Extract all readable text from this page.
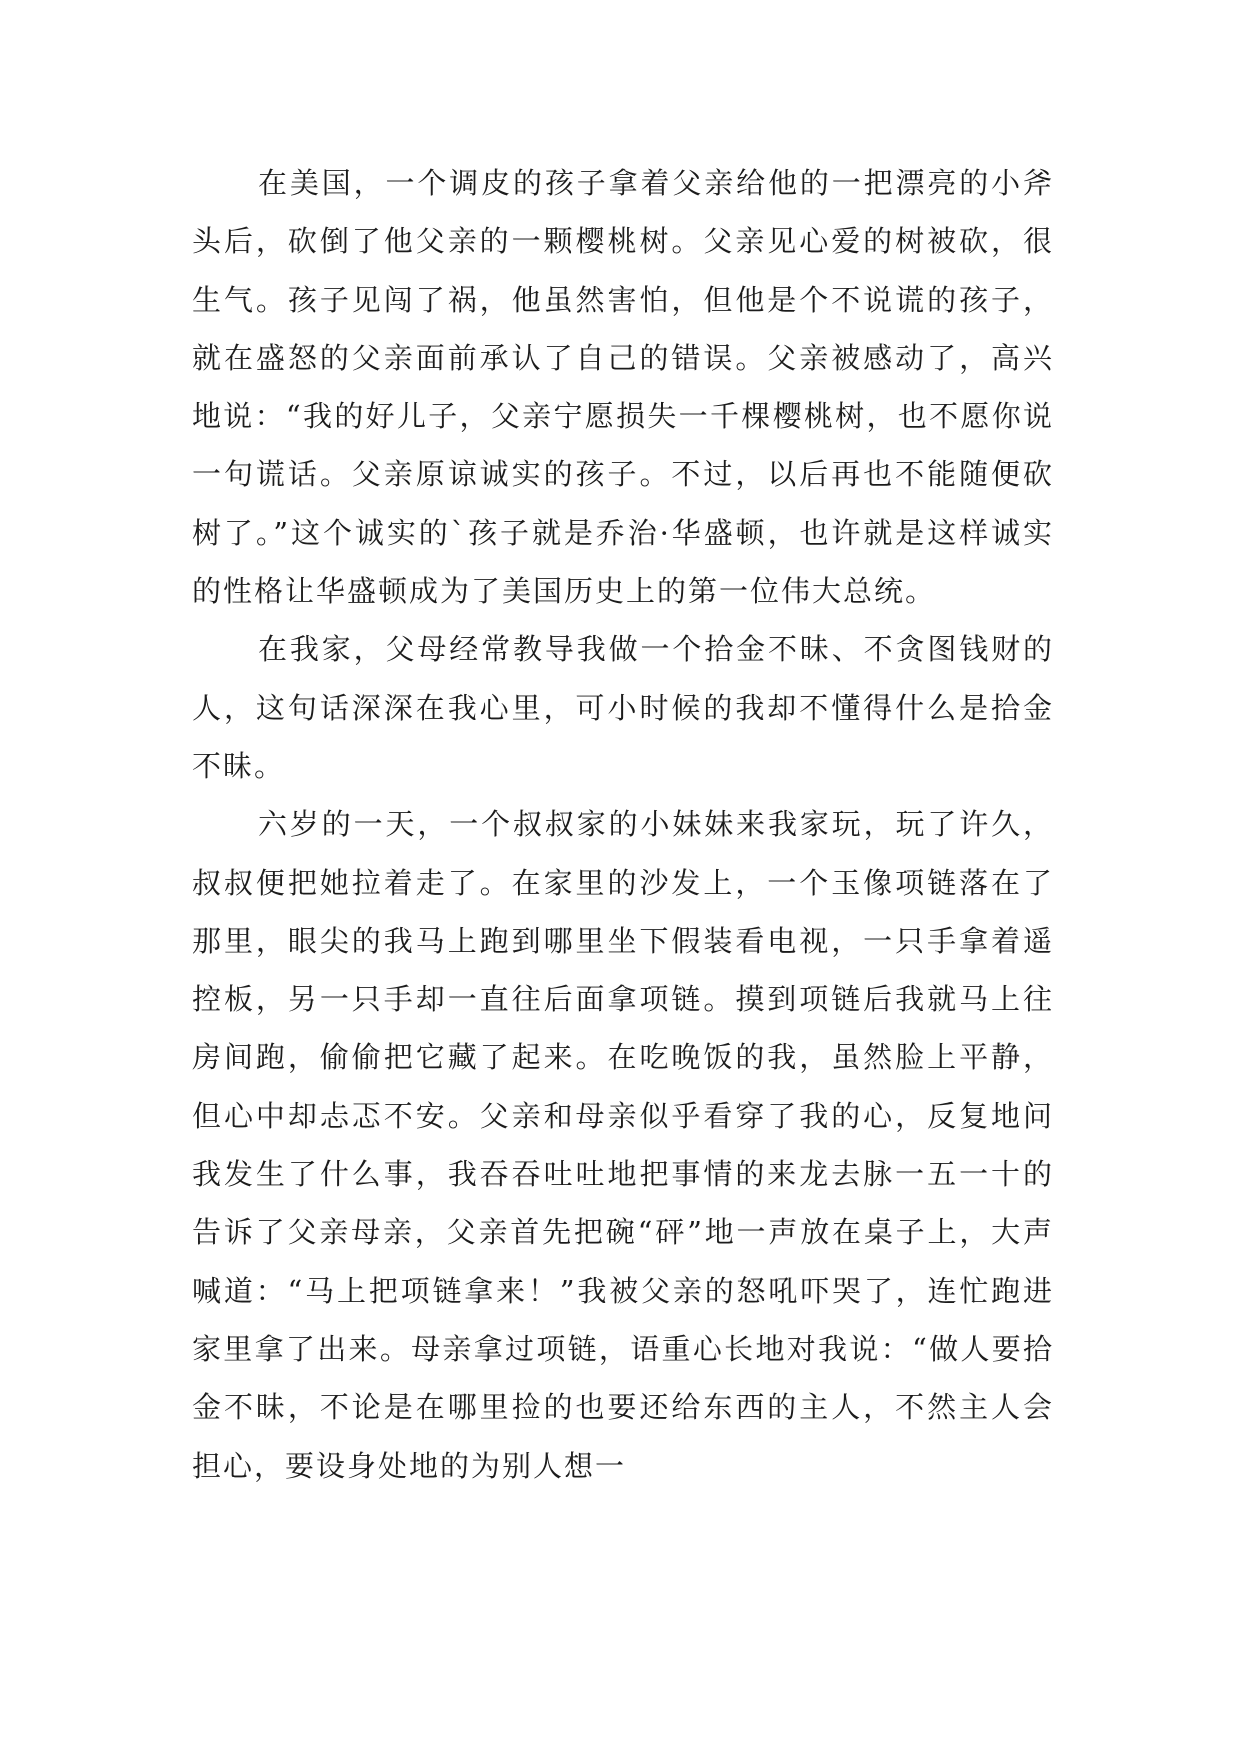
在美国，一个调皮的孩子拿着父亲给他的一把漂亮的小斧头后，砍倒了他父亲的一颗樱桃树。父亲见心爱的树被砍，很生气。孩子见闯了祸，他虽然害怕，但他是个不说谎的孩子，就在盛怒的父亲面前承认了自己的错误。父亲被感动了，高兴地说：“我的好儿子，父亲宁愿损失一千棵樱桃树，也不愿你说一句谎话。父亲原谅诚实的孩子。不过，以后再也不能随便砍树了。”这个诚实的`孩子就是乔治·华盛顿，也许就是这样诚实的性格让华盛顿成为了美国历史上的第一位伟大总统。

在我家，父母经常教导我做一个拾金不昧、不贪图钱财的人，这句话深深在我心里，可小时候的我却不懂得什么是拾金不昧。

六岁的一天，一个叔叔家的小妹妹来我家玩，玩了许久，叔叔便把她拉着走了。在家里的沙发上，一个玉像项链落在了那里，眼尖的我马上跑到哪里坐下假装看电视，一只手拿着遥控板，另一只手却一直往后面拿项链。摸到项链后我就马上往房间跑，偷偷把它藏了起来。在吃晚饭的我，虽然脸上平静，但心中却忐忑不安。父亲和母亲似乎看穿了我的心，反复地问我发生了什么事，我吞吞吐吐地把事情的来龙去脉一五一十的告诉了父亲母亲，父亲首先把碗“砰”地一声放在桌子上，大声喊道：“马上把项链拿来！”我被父亲的怒吼吓哭了，连忙跑进家里拿了出来。母亲拿过项链，语重心长地对我说：“做人要拾金不昧，不论是在哪里捡的也要还给东西的主人，不然主人会担心，要设身处地的为别人想一
